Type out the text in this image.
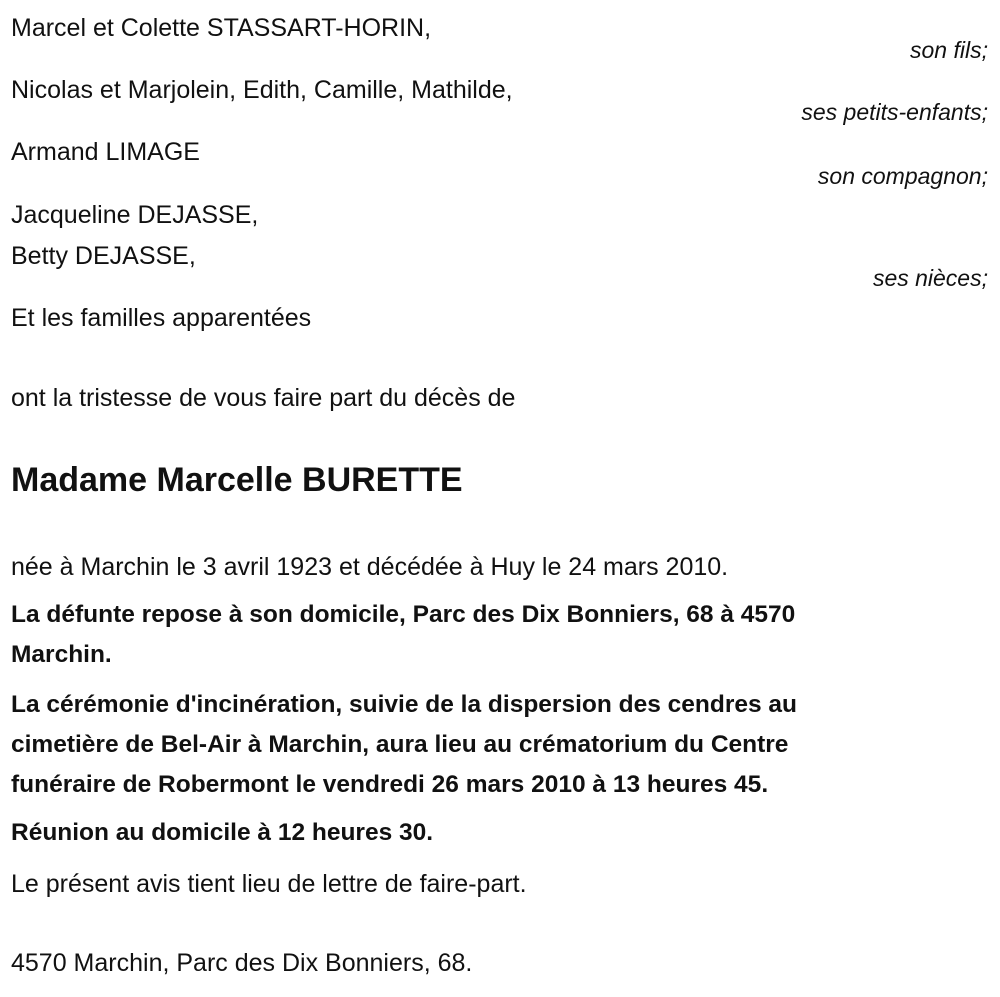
Marcel et Colette STASSART-HORIN,
son fils;
Nicolas et Marjolein, Edith, Camille, Mathilde,
ses petits-enfants;
Armand LIMAGE
son compagnon;
Jacqueline DEJASSE,
Betty DEJASSE,
ses nièces;
Et les familles apparentées
ont la tristesse de vous faire part du décès de
Madame Marcelle BURETTE
née à Marchin le 3 avril 1923 et décédée à Huy le 24 mars 2010.
La défunte repose à son domicile, Parc des Dix Bonniers, 68 à 4570
Marchin.
La cérémonie d'incinération, suivie de la dispersion des cendres au
cimetière de Bel-Air à Marchin, aura lieu au crématorium du Centre
funéraire de Robermont le vendredi 26 mars 2010 à 13 heures 45.
Réunion au domicile à 12 heures 30.
Le présent avis tient lieu de lettre de faire-part.
4570 Marchin, Parc des Dix Bonniers, 68.
